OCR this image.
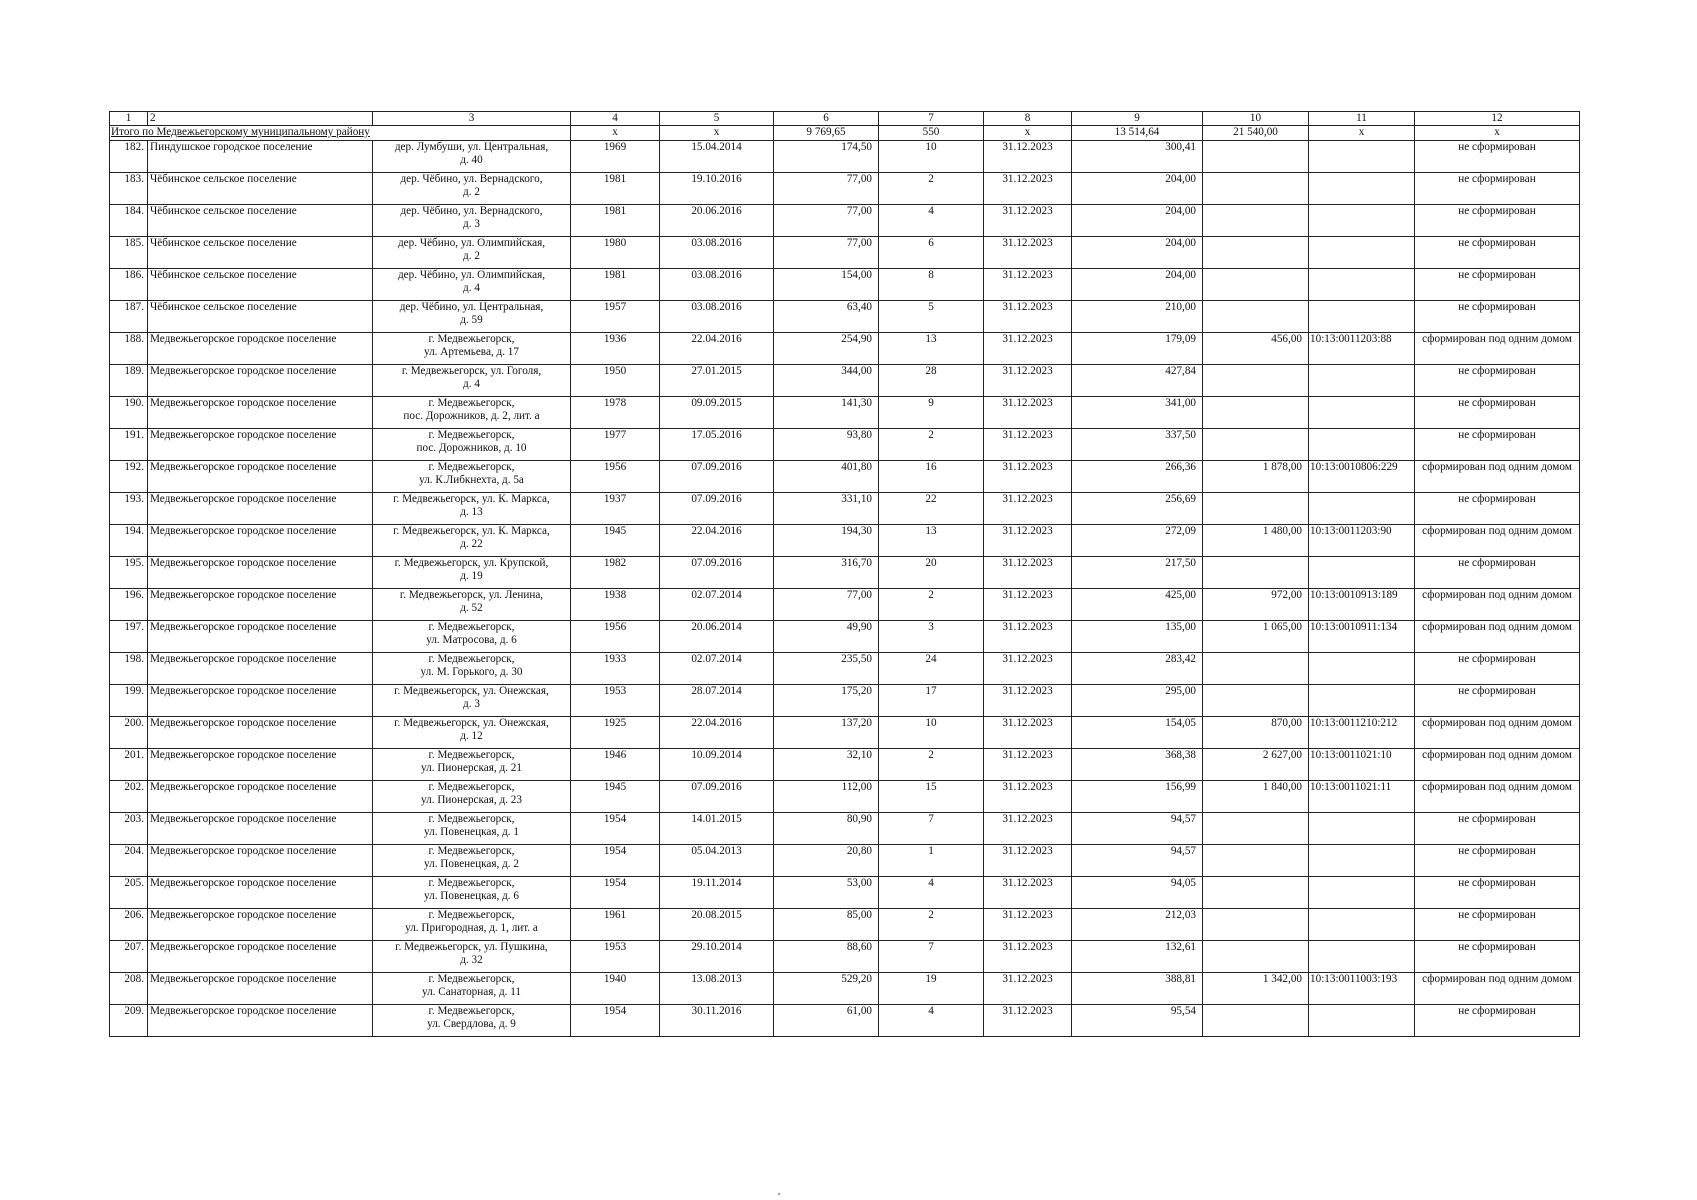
1	2	3	4	5	6	7	8	9	10	11	12
Итого по Медвежьегорскому муниципальному району			x	x	9 769,65	550	x	13 514,64	21 540,00	x	x
182.	Пиндушское городское поселение	дер. Лумбуши, ул. Центральная,
д. 40	1969	15.04.2014	174,50	10	31.12.2023	300,41			не сформирован
183.	Чёбинское сельское поселение	дер. Чёбино, ул. Вернадского,
д. 2	1981	19.10.2016	77,00	2	31.12.2023	204,00			не сформирован
184.	Чёбинское сельское поселение	дер. Чёбино, ул. Вернадского,
д. 3	1981	20.06.2016	77,00	4	31.12.2023	204,00			не сформирован
185.	Чёбинское сельское поселение	дер. Чёбино, ул. Олимпийская,
д. 2	1980	03.08.2016	77,00	6	31.12.2023	204,00			не сформирован
186.	Чёбинское сельское поселение	дер. Чёбино, ул. Олимпийская,
д. 4	1981	03.08.2016	154,00	8	31.12.2023	204,00			не сформирован
187.	Чёбинское сельское поселение	дер. Чёбино, ул. Центральная,
д. 59	1957	03.08.2016	63,40	5	31.12.2023	210,00			не сформирован
188.	Медвежьегорское городское поселение	г. Медвежьегорск,
ул. Артемьева, д. 17	1936	22.04.2016	254,90	13	31.12.2023	179,09	456,00	10:13:0011203:88	сформирован под одним домом
189.	Медвежьегорское городское поселение	г. Медвежьегорск, ул. Гоголя,
д. 4	1950	27.01.2015	344,00	28	31.12.2023	427,84			не сформирован
190.	Медвежьегорское городское поселение	г. Медвежьегорск,
пос. Дорожников, д. 2, лит. а	1978	09.09.2015	141,30	9	31.12.2023	341,00			не сформирован
191.	Медвежьегорское городское поселение	г. Медвежьегорск,
пос. Дорожников, д. 10	1977	17.05.2016	93,80	2	31.12.2023	337,50			не сформирован
192.	Медвежьегорское городское поселение	г. Медвежьегорск,
ул. К.Либкнехта, д. 5а	1956	07.09.2016	401,80	16	31.12.2023	266,36	1 878,00	10:13:0010806:229	сформирован под одним домом
193.	Медвежьегорское городское поселение	г. Медвежьегорск, ул. К. Маркса,
д. 13	1937	07.09.2016	331,10	22	31.12.2023	256,69			не сформирован
194.	Медвежьегорское городское поселение	г. Медвежьегорск, ул. К. Маркса,
д. 22	1945	22.04.2016	194,30	13	31.12.2023	272,09	1 480,00	10:13:0011203:90	сформирован под одним домом
195.	Медвежьегорское городское поселение	г. Медвежьегорск, ул. Крупской,
д. 19	1982	07.09.2016	316,70	20	31.12.2023	217,50			не сформирован
196.	Медвежьегорское городское поселение	г. Медвежьегорск, ул. Ленина,
д. 52	1938	02.07.2014	77,00	2	31.12.2023	425,00	972,00	10:13:0010913:189	сформирован под одним домом
197.	Медвежьегорское городское поселение	г. Медвежьегорск,
ул. Матросова, д. 6	1956	20.06.2014	49,90	3	31.12.2023	135,00	1 065,00	10:13:0010911:134	сформирован под одним домом
198.	Медвежьегорское городское поселение	г. Медвежьегорск,
ул. М. Горького, д. 30	1933	02.07.2014	235,50	24	31.12.2023	283,42			не сформирован
199.	Медвежьегорское городское поселение	г. Медвежьегорск, ул. Онежская,
д. 3	1953	28.07.2014	175,20	17	31.12.2023	295,00			не сформирован
200.	Медвежьегорское городское поселение	г. Медвежьегорск, ул. Онежская,
д. 12	1925	22.04.2016	137,20	10	31.12.2023	154,05	870,00	10:13:0011210:212	сформирован под одним домом
201.	Медвежьегорское городское поселение	г. Медвежьегорск,
ул. Пионерская, д. 21	1946	10.09.2014	32,10	2	31.12.2023	368,38	2 627,00	10:13:0011021:10	сформирован под одним домом
202.	Медвежьегорское городское поселение	г. Медвежьегорск,
ул. Пионерская, д. 23	1945	07.09.2016	112,00	15	31.12.2023	156,99	1 840,00	10:13:0011021:11	сформирован под одним домом
203.	Медвежьегорское городское поселение	г. Медвежьегорск,
ул. Повенецкая, д. 1	1954	14.01.2015	80,90	7	31.12.2023	94,57			не сформирован
204.	Медвежьегорское городское поселение	г. Медвежьегорск,
ул. Повенецкая, д. 2	1954	05.04.2013	20,80	1	31.12.2023	94,57			не сформирован
205.	Медвежьегорское городское поселение	г. Медвежьегорск,
ул. Повенецкая, д. 6	1954	19.11.2014	53,00	4	31.12.2023	94,05			не сформирован
206.	Медвежьегорское городское поселение	г. Медвежьегорск,
ул. Пригородная, д. 1, лит. а	1961	20.08.2015	85,00	2	31.12.2023	212,03			не сформирован
207.	Медвежьегорское городское поселение	г. Медвежьегорск, ул. Пушкина,
д. 32	1953	29.10.2014	88,60	7	31.12.2023	132,61			не сформирован
208.	Медвежьегорское городское поселение	г. Медвежьегорск,
ул. Санаторная, д. 11	1940	13.08.2013	529,20	19	31.12.2023	388,81	1 342,00	10:13:0011003:193	сформирован под одним домом
209.	Медвежьегорское городское поселение	г. Медвежьегорск,
ул. Свердлова, д. 9	1954	30.11.2016	61,00	4	31.12.2023	95,54			не сформирован
